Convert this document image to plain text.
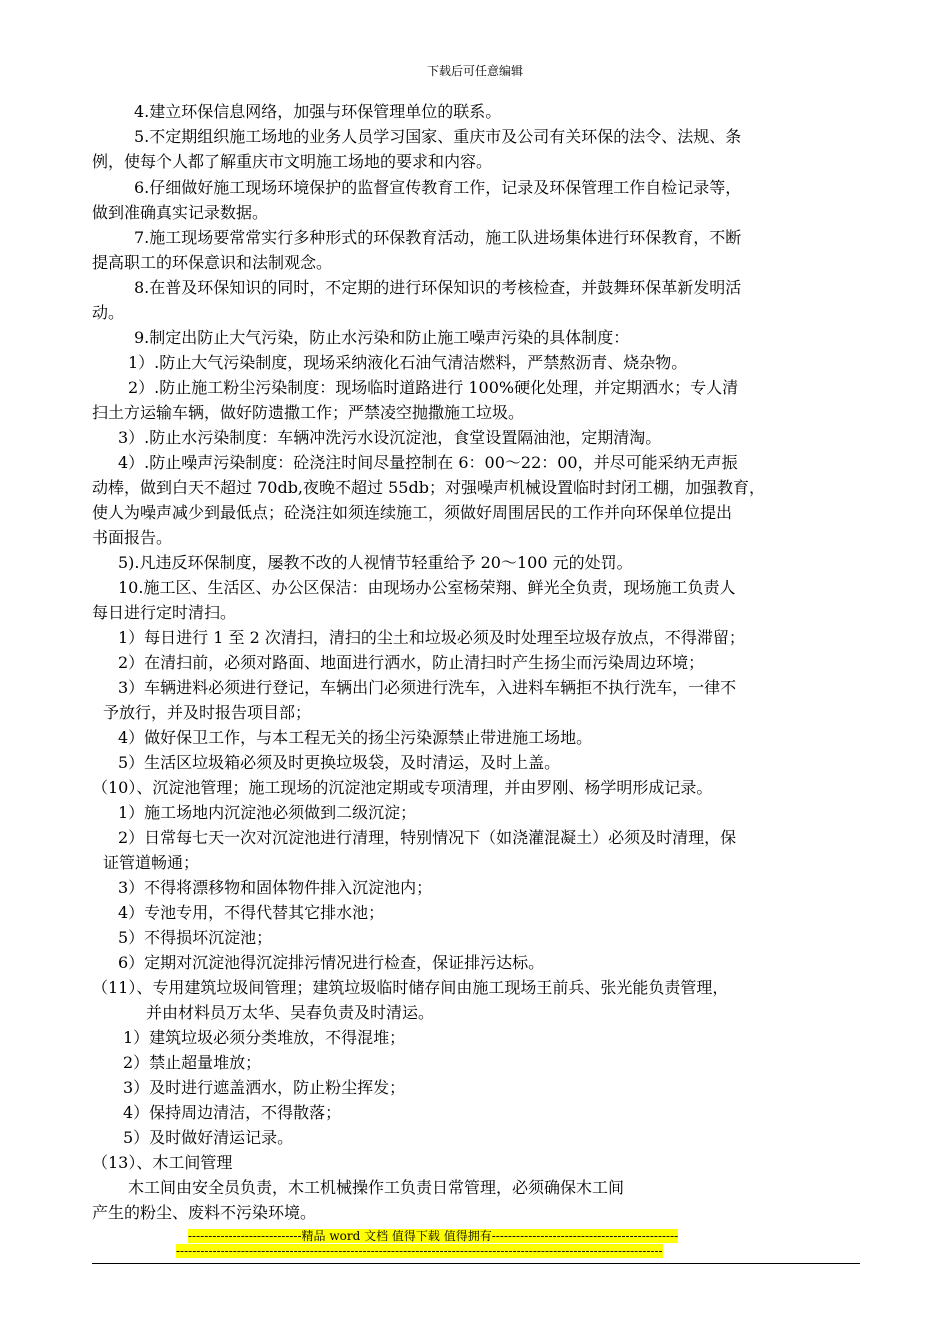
下载后可任意编辑
4.建立环保信息网络，加强与环保管理单位的联系。
5.不定期组织施工场地的业务人员学习国家、重庆市及公司有关环保的法令、法规、条
例，使每个人都了解重庆市文明施工场地的要求和内容。
6.仔细做好施工现场环境保护的监督宣传教育工作，记录及环保管理工作自检记录等，
做到准确真实记录数据。
7.施工现场要常常实行多种形式的环保教育活动，施工队进场集体进行环保教育，不断
提高职工的环保意识和法制观念。
8.在普及环保知识的同时，不定期的进行环保知识的考核检查，并鼓舞环保革新发明活
动。
9.制定出防止大气污染，防止水污染和防止施工噪声污染的具体制度：
1）.防止大气污染制度，现场采纳液化石油气清洁燃料，严禁熬沥青、烧杂物。
2）.防止施工粉尘污染制度：现场临时道路进行 100%硬化处理，并定期洒水；专人清
扫土方运输车辆，做好防遗撒工作；严禁凌空抛撒施工垃圾。
3）.防止水污染制度：车辆冲洗污水设沉淀池，食堂设置隔油池，定期清淘。
4）.防止噪声污染制度：砼浇注时间尽量控制在 6：00～22：00，并尽可能采纳无声振
动棒，做到白天不超过 70db,夜晚不超过 55db；对强噪声机械设置临时封闭工棚，加强教育，
使人为噪声减少到最低点；砼浇注如须连续施工，须做好周围居民的工作并向环保单位提出
书面报告。
5).凡违反环保制度，屡教不改的人视情节轻重给予 20～100 元的处罚。
10.施工区、生活区、办公区保洁：由现场办公室杨荣翔、鲜光全负责，现场施工负责人
每日进行定时清扫。
1）每日进行 1 至 2 次清扫，清扫的尘土和垃圾必须及时处理至垃圾存放点，不得滞留；
2）在清扫前，必须对路面、地面进行洒水，防止清扫时产生扬尘而污染周边环境；
3）车辆进料必须进行登记，车辆出门必须进行洗车，入进料车辆拒不执行洗车，一律不
予放行，并及时报告项目部；
4）做好保卫工作，与本工程无关的扬尘污染源禁止带进施工场地。
5）生活区垃圾箱必须及时更换垃圾袋，及时清运，及时上盖。
（10）、沉淀池管理；施工现场的沉淀池定期或专项清理，并由罗刚、杨学明形成记录。
1）施工场地内沉淀池必须做到二级沉淀；
2）日常每七天一次对沉淀池进行清理，特别情况下（如浇灌混凝土）必须及时清理，保
证管道畅通；
3）不得将漂移物和固体物件排入沉淀池内；
4）专池专用，不得代替其它排水池；
5）不得损坏沉淀池；
6）定期对沉淀池得沉淀排污情况进行检查，保证排污达标。
（11）、专用建筑垃圾间管理；建筑垃圾临时储存间由施工现场王前兵、张光能负责管理，
并由材料员万太华、吴春负责及时清运。
1）建筑垃圾必须分类堆放，不得混堆；
2）禁止超量堆放；
3）及时进行遮盖洒水，防止粉尘挥发；
4）保持周边清洁，不得散落；
5）及时做好清运记录。
（13）、木工间管理
木工间由安全员负责，木工机械操作工负责日常管理，必须确保木工间
产生的粉尘、废料不污染环境。
----------------------------精品 word 文档 值得下载 值得拥有----------------------------------------------
------------------------------------------------------------------------------------------------------------------------
